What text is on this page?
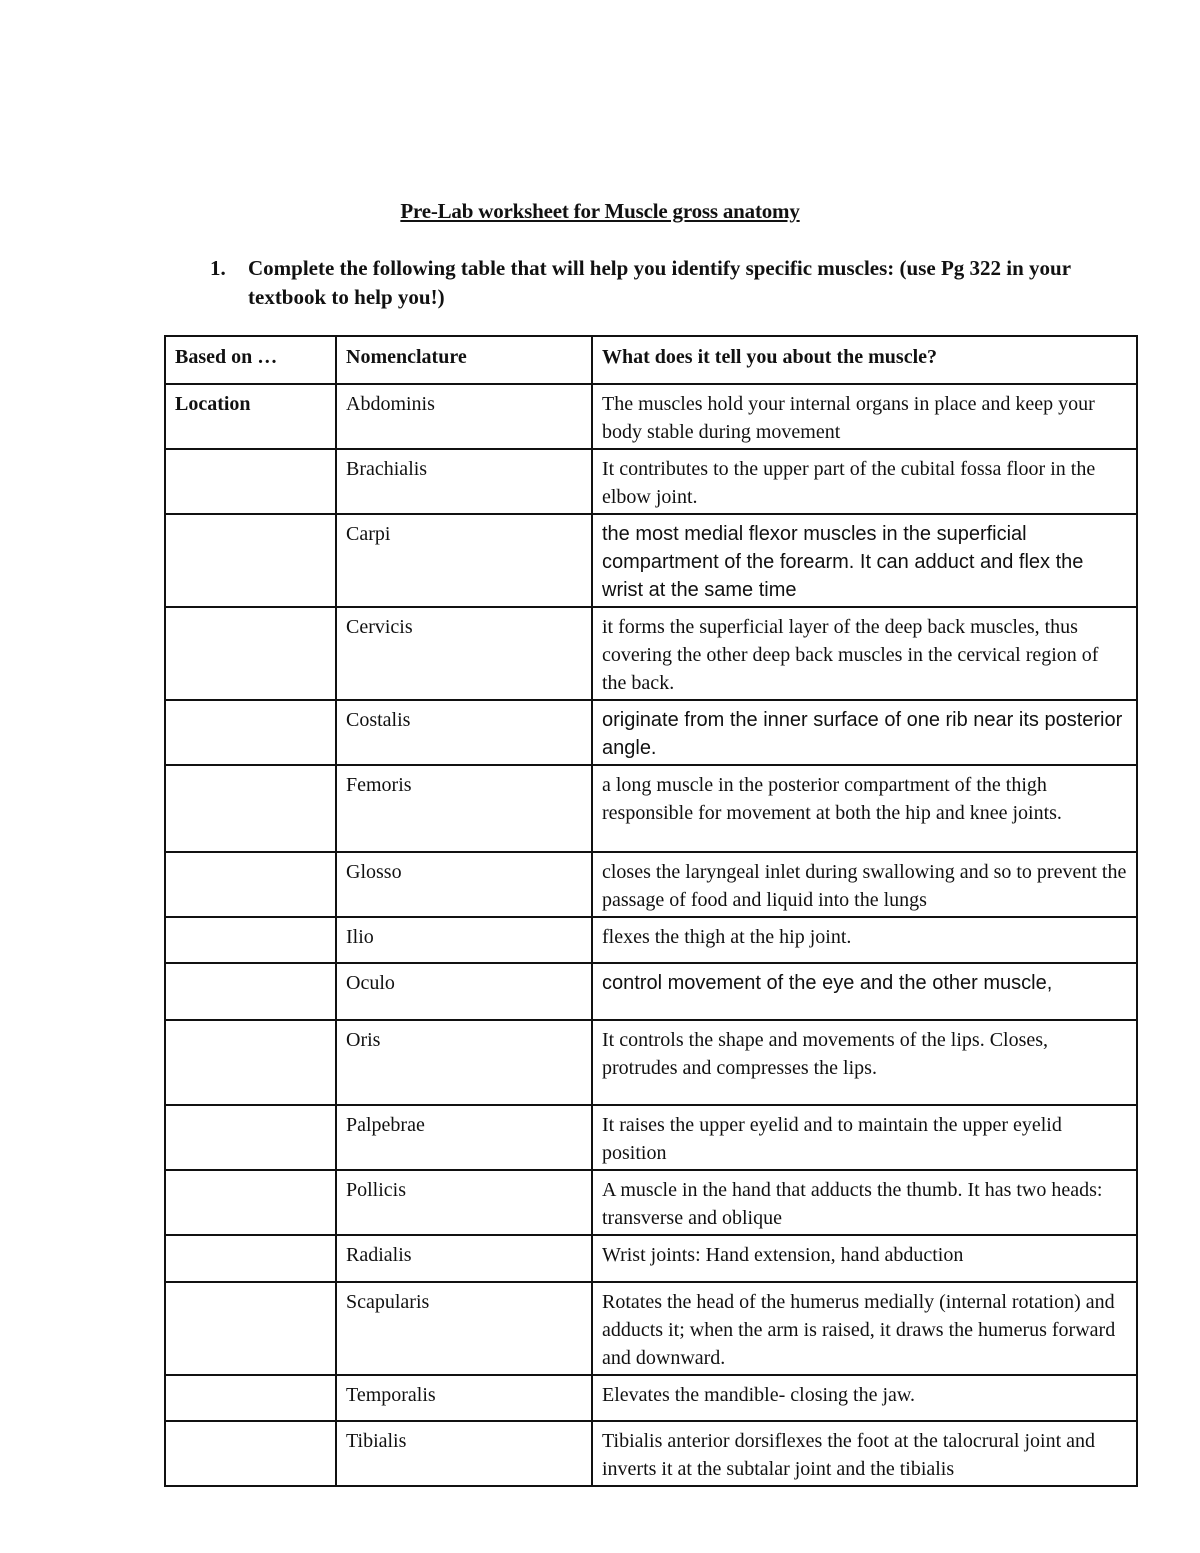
Pre-Lab worksheet for Muscle gross anatomy
1. Complete the following table that will help you identify specific muscles: (use Pg 322 in your textbook to help you!)
Based on …	Nomenclature	What does it tell you about the muscle?
Location	Abdominis	The muscles hold your internal organs in place and keep your body stable during movement
	Brachialis	It contributes to the upper part of the cubital fossa floor in the elbow joint.
	Carpi	the most medial flexor muscles in the superficial compartment of the forearm. It can adduct and flex the wrist at the same time
	Cervicis	it forms the superficial layer of the deep back muscles, thus covering the other deep back muscles in the cervical region of the back.
	Costalis	originate from the inner surface of one rib near its posterior angle.
	Femoris	a long muscle in the posterior compartment of the thigh responsible for movement at both the hip and knee joints.
	Glosso	closes the laryngeal inlet during swallowing and so to prevent the passage of food and liquid into the lungs
	Ilio	flexes the thigh at the hip joint.
	Oculo	control movement of the eye and the other muscle,
	Oris	It controls the shape and movements of the lips. Closes, protrudes and compresses the lips.
	Palpebrae	It raises the upper eyelid and to maintain the upper eyelid position
	Pollicis	A muscle in the hand that adducts the thumb. It has two heads: transverse and oblique
	Radialis	Wrist joints: Hand extension, hand abduction
	Scapularis	Rotates the head of the humerus medially (internal rotation) and adducts it; when the arm is raised, it draws the humerus forward and downward.
	Temporalis	Elevates the mandible- closing the jaw.
	Tibialis	Tibialis anterior dorsiflexes the foot at the talocrural joint and inverts it at the subtalar joint and the tibialis
